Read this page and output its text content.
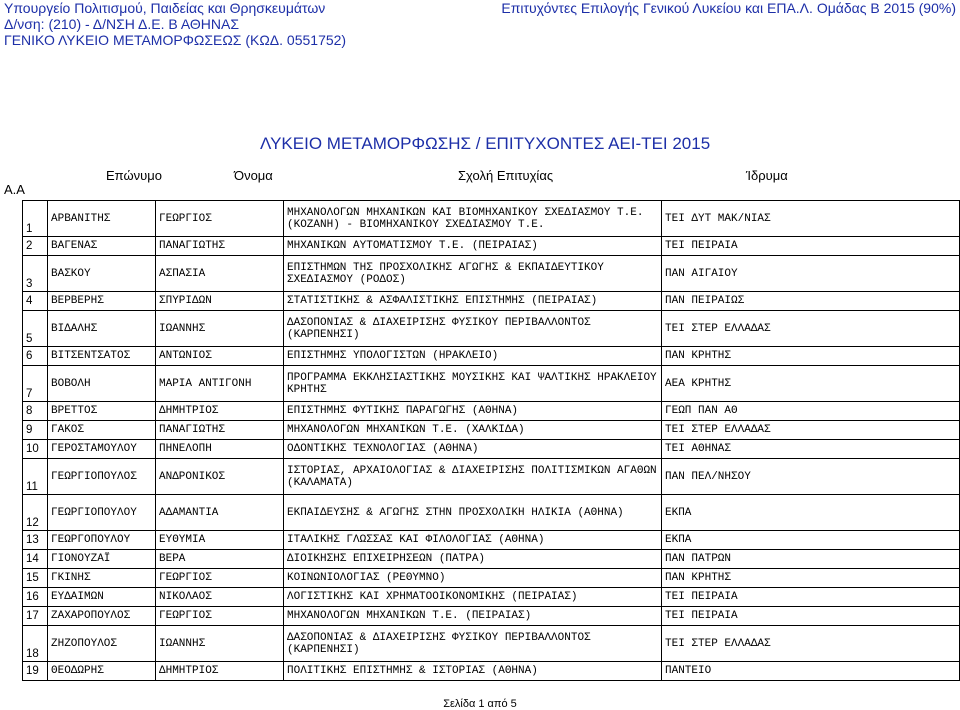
Υπουργείο Πολιτισμού, Παιδείας και Θρησκευμάτων
Δ/νση: (210) - Δ/ΝΣΗ Δ.Ε. Β ΑΘΗΝΑΣ
ΓΕΝΙΚΟ ΛΥΚΕΙΟ ΜΕΤΑΜΟΡΦΩΣΕΩΣ (ΚΩΔ. 0551752)
Επιτυχόντες Επιλογής Γενικού Λυκείου και ΕΠΑ.Λ. Ομάδας Β 2015 (90%)
ΛΥΚΕΙΟ ΜΕΤΑΜΟΡΦΩΣΗΣ / ΕΠΙΤΥΧΟΝΤΕΣ ΑΕΙ-ΤΕΙ 2015
Α.Α
Επώνυμο	Όνομα	Σχολή Επιτυχίας	Ίδρυμα
1	ΑΡΒΑΝΙΤΗΣ	ΓΕΩΡΓΙΟΣ	ΜΗΧΑΝΟΛΟΓΩΝ ΜΗΧΑΝΙΚΩΝ ΚΑΙ ΒΙΟΜΗΧΑΝΙΚΟΥ ΣΧΕΔΙΑΣΜΟΥ Τ.Ε. (ΚΟΖΑΝΗ) - ΒΙΟΜΗΧΑΝΙΚΟΥ ΣΧΕΔΙΑΣΜΟΥ Τ.Ε.	ΤΕΙ ΔΥΤ ΜΑΚ/ΝΙΑΣ
2	ΒΑΓΕΝΑΣ	ΠΑΝΑΓΙΩΤΗΣ	ΜΗΧΑΝΙΚΩΝ ΑΥΤΟΜΑΤΙΣΜΟΥ Τ.Ε. (ΠΕΙΡΑΙΑΣ)	ΤΕΙ ΠΕΙΡΑΙΑ
3	ΒΑΣΚΟΥ	ΑΣΠΑΣΙΑ	ΕΠΙΣΤΗΜΩΝ ΤΗΣ ΠΡΟΣΧΟΛΙΚΗΣ ΑΓΩΓΗΣ & ΕΚΠΑΙΔΕΥΤΙΚΟΥ ΣΧΕΔΙΑΣΜΟΥ (ΡΟΔΟΣ)	ΠΑΝ ΑΙΓΑΙΟΥ
4	ΒΕΡΒΕΡΗΣ	ΣΠΥΡΙΔΩΝ	ΣΤΑΤΙΣΤΙΚΗΣ & ΑΣΦΑΛΙΣΤΙΚΗΣ ΕΠΙΣΤΗΜΗΣ (ΠΕΙΡΑΙΑΣ)	ΠΑΝ ΠΕΙΡΑΙΩΣ
5	ΒΙΔΑΛΗΣ	ΙΩΑΝΝΗΣ	ΔΑΣΟΠΟΝΙΑΣ & ΔΙΑΧΕΙΡΙΣΗΣ ΦΥΣΙΚΟΥ ΠΕΡΙΒΑΛΛΟΝΤΟΣ (ΚΑΡΠΕΝΗΣΙ)	ΤΕΙ ΣΤΕΡ ΕΛΛΑΔΑΣ
6	ΒΙΤΣΕΝΤΣΑΤΟΣ	ΑΝΤΩΝΙΟΣ	ΕΠΙΣΤΗΜΗΣ ΥΠΟΛΟΓΙΣΤΩΝ (ΗΡΑΚΛΕΙΟ)	ΠΑΝ ΚΡΗΤΗΣ
7	ΒΟΒΟΛΗ	ΜΑΡΙΑ ΑΝΤΙΓΟΝΗ	ΠΡΟΓΡΑΜΜΑ ΕΚΚΛΗΣΙΑΣΤΙΚΗΣ ΜΟΥΣΙΚΗΣ ΚΑΙ ΨΑΛΤΙΚΗΣ ΗΡΑΚΛΕΙΟΥ ΚΡΗΤΗΣ	ΑΕΑ ΚΡΗΤΗΣ
8	ΒΡΕΤΤΟΣ	ΔΗΜΗΤΡΙΟΣ	ΕΠΙΣΤΗΜΗΣ ΦΥΤΙΚΗΣ ΠΑΡΑΓΩΓΗΣ (ΑΘΗΝΑ)	ΓΕΩΠ ΠΑΝ ΑΘ
9	ΓΑΚΟΣ	ΠΑΝΑΓΙΩΤΗΣ	ΜΗΧΑΝΟΛΟΓΩΝ ΜΗΧΑΝΙΚΩΝ Τ.Ε. (ΧΑΛΚΙΔΑ)	ΤΕΙ ΣΤΕΡ ΕΛΛΑΔΑΣ
10	ΓΕΡΟΣΤΑΜΟΥΛΟΥ	ΠΗΝΕΛΟΠΗ	ΟΔΟΝΤΙΚΗΣ ΤΕΧΝΟΛΟΓΙΑΣ (ΑΘΗΝΑ)	ΤΕΙ ΑΘΗΝΑΣ
11	ΓΕΩΡΓΙΟΠΟΥΛΟΣ	ΑΝΔΡΟΝΙΚΟΣ	ΙΣΤΟΡΙΑΣ, ΑΡΧΑΙΟΛΟΓΙΑΣ & ΔΙΑΧΕΙΡΙΣΗΣ ΠΟΛΙΤΙΣΜΙΚΩΝ ΑΓΑΘΩΝ (ΚΑΛΑΜΑΤΑ)	ΠΑΝ ΠΕΛ/ΝΗΣΟΥ
12	ΓΕΩΡΓΙΟΠΟΥΛΟΥ	ΑΔΑΜΑΝΤΙΑ	ΕΚΠΑΙΔΕΥΣΗΣ & ΑΓΩΓΗΣ ΣΤΗΝ ΠΡΟΣΧΟΛΙΚΗ ΗΛΙΚΙΑ (ΑΘΗΝΑ)	ΕΚΠΑ
13	ΓΕΩΡΓΟΠΟΥΛΟΥ	ΕΥΘΥΜΙΑ	ΙΤΑΛΙΚΗΣ ΓΛΩΣΣΑΣ ΚΑΙ ΦΙΛΟΛΟΓΙΑΣ (ΑΘΗΝΑ)	ΕΚΠΑ
14	ΓΙΟΝΟΥΖΑΪ	ΒΕΡΑ	ΔΙΟΙΚΗΣΗΣ ΕΠΙΧΕΙΡΗΣΕΩΝ (ΠΑΤΡΑ)	ΠΑΝ ΠΑΤΡΩΝ
15	ΓΚΙΝΗΣ	ΓΕΩΡΓΙΟΣ	ΚΟΙΝΩΝΙΟΛΟΓΙΑΣ (ΡΕΘΥΜΝΟ)	ΠΑΝ ΚΡΗΤΗΣ
16	ΕΥΔΑΙΜΩΝ	ΝΙΚΟΛΑΟΣ	ΛΟΓΙΣΤΙΚΗΣ ΚΑΙ ΧΡΗΜΑΤΟΟΙΚΟΝΟΜΙΚΗΣ (ΠΕΙΡΑΙΑΣ)	ΤΕΙ ΠΕΙΡΑΙΑ
17	ΖΑΧΑΡΟΠΟΥΛΟΣ	ΓΕΩΡΓΙΟΣ	ΜΗΧΑΝΟΛΟΓΩΝ ΜΗΧΑΝΙΚΩΝ Τ.Ε. (ΠΕΙΡΑΙΑΣ)	ΤΕΙ ΠΕΙΡΑΙΑ
18	ΖΗΖΟΠΟΥΛΟΣ	ΙΩΑΝΝΗΣ	ΔΑΣΟΠΟΝΙΑΣ & ΔΙΑΧΕΙΡΙΣΗΣ ΦΥΣΙΚΟΥ ΠΕΡΙΒΑΛΛΟΝΤΟΣ (ΚΑΡΠΕΝΗΣΙ)	ΤΕΙ ΣΤΕΡ ΕΛΛΑΔΑΣ
19	ΘΕΟΔΩΡΗΣ	ΔΗΜΗΤΡΙΟΣ	ΠΟΛΙΤΙΚΗΣ ΕΠΙΣΤΗΜΗΣ & ΙΣΤΟΡΙΑΣ (ΑΘΗΝΑ)	ΠΑΝΤΕΙΟ
Σελίδα 1 από 5
